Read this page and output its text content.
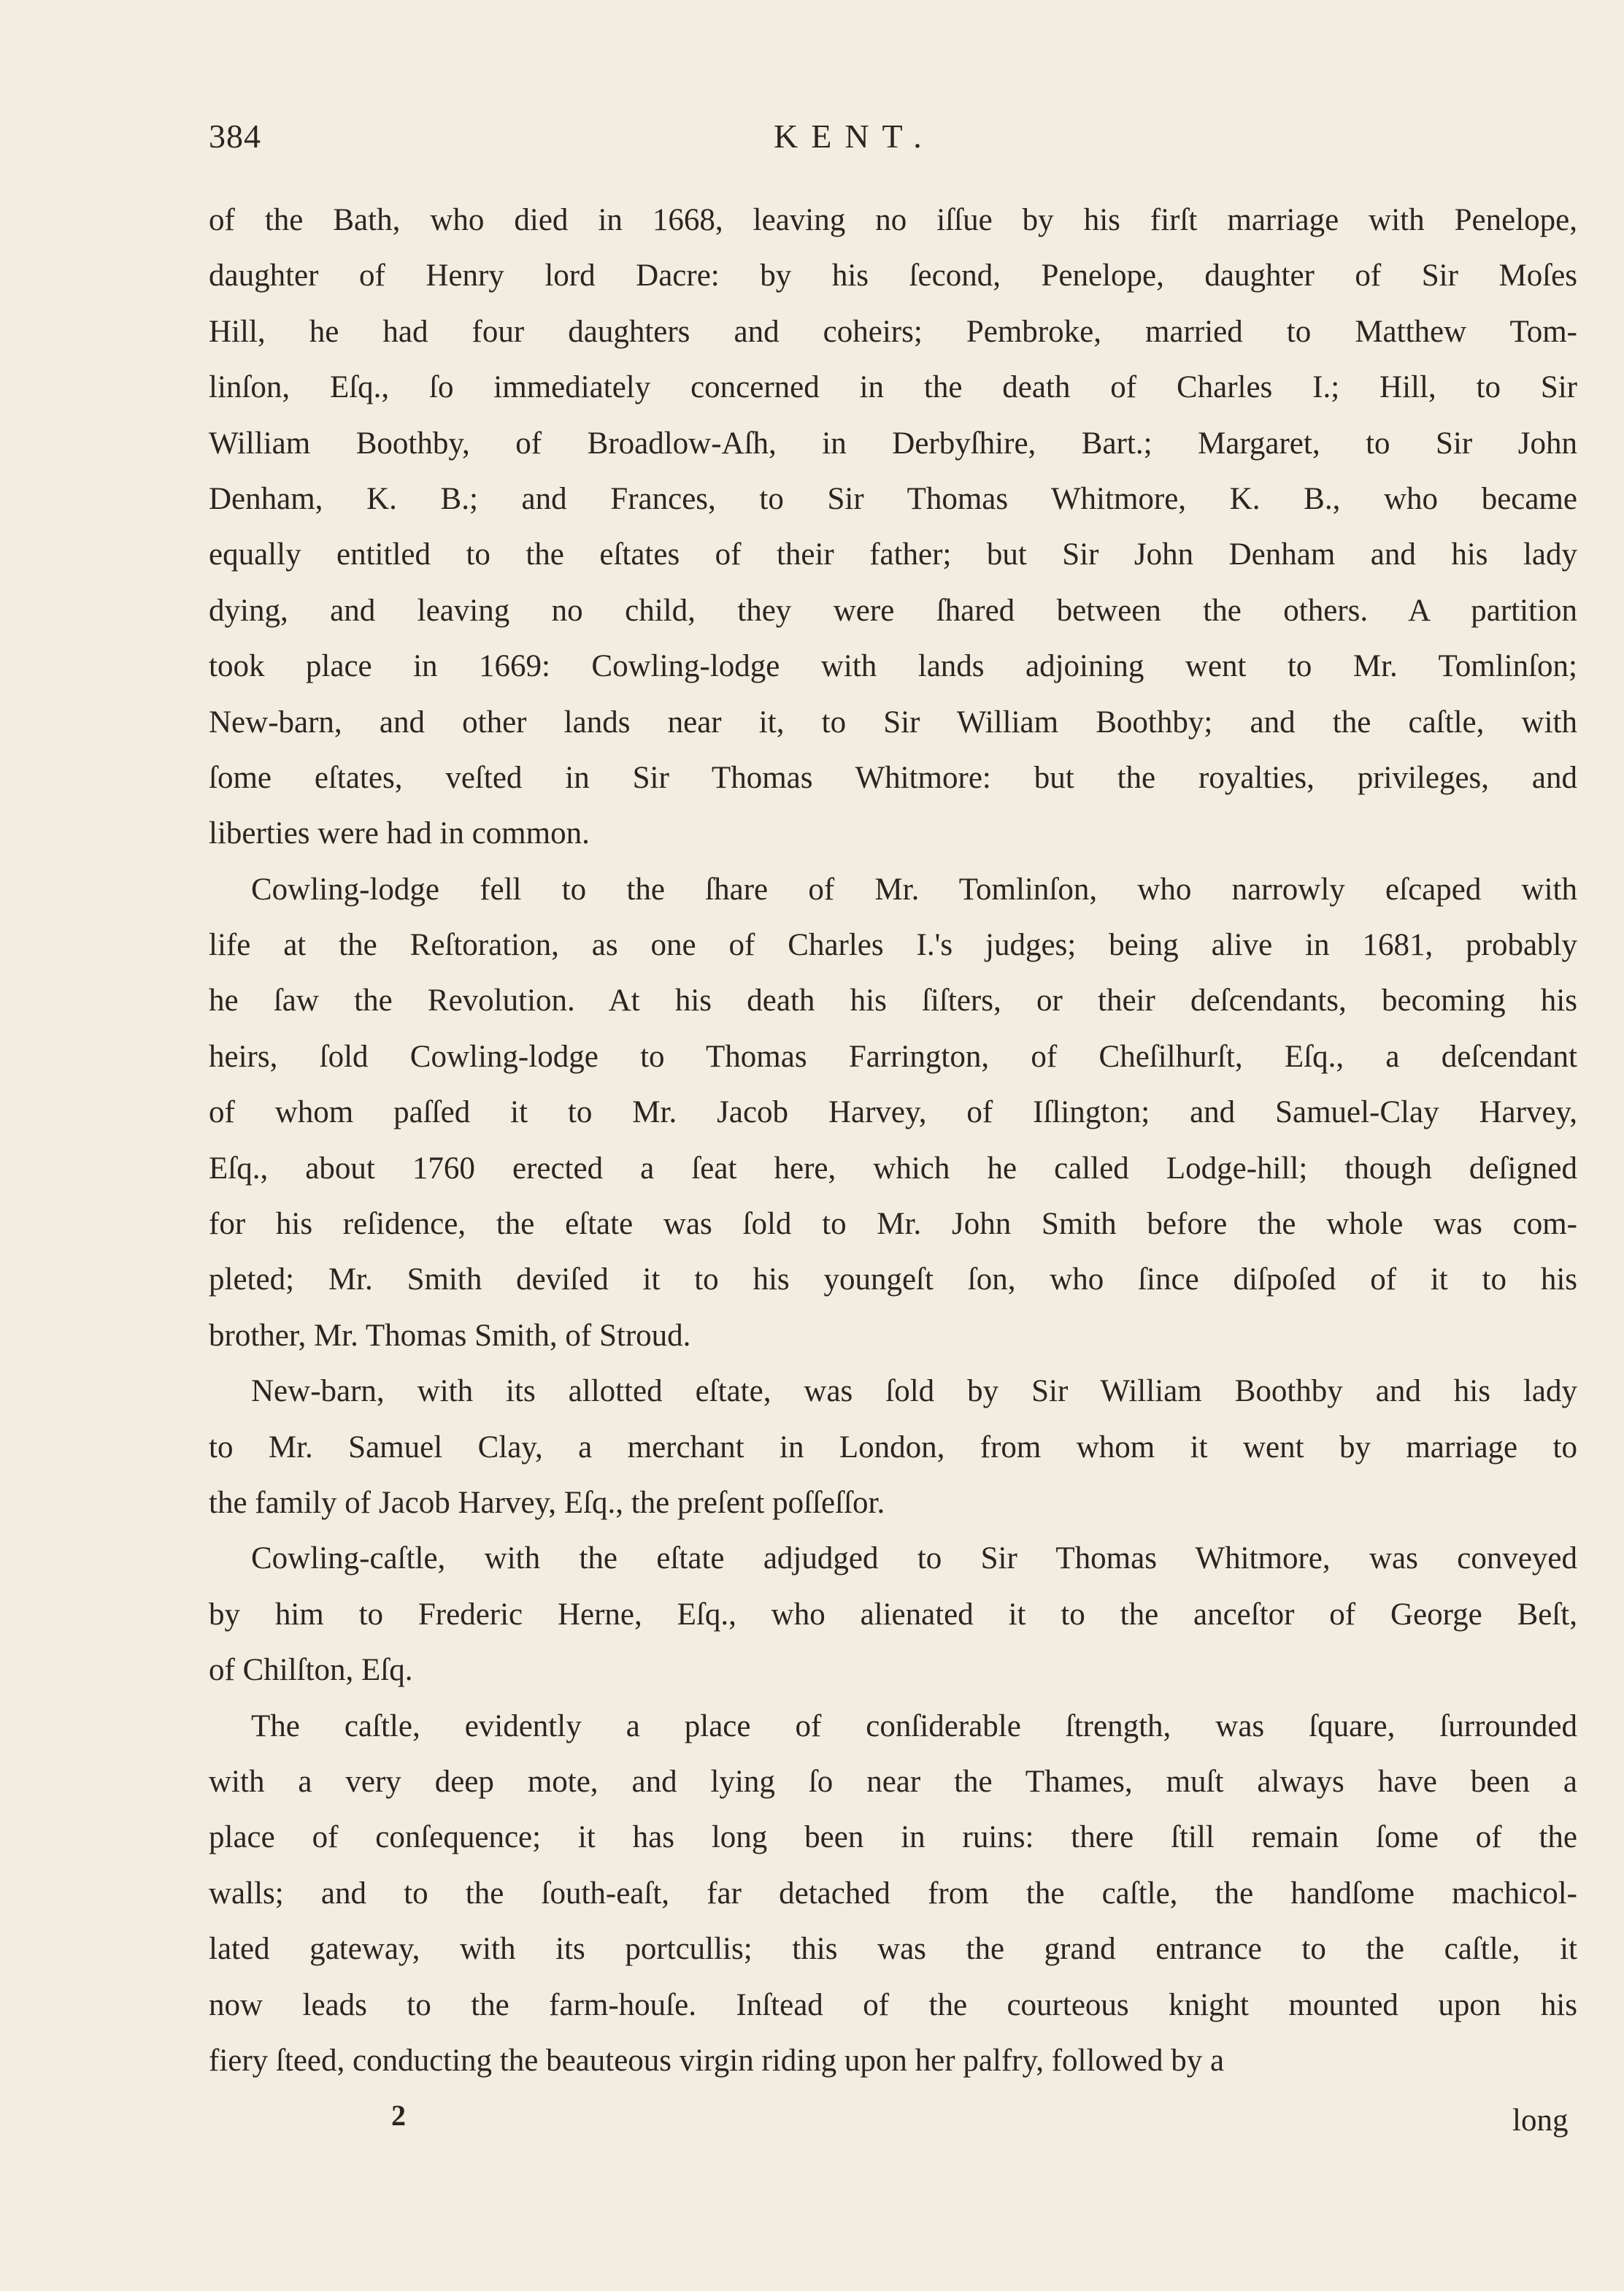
384	KENT.
of the Bath, who died in 1668, leaving no iſſue by his firſt marriage with Penelope,
daughter of Henry lord Dacre: by his ſecond, Penelope, daughter of Sir Moſes
Hill, he had four daughters and coheirs; Pembroke, married to Matthew Tom-
linſon, Eſq., ſo immediately concerned in the death of Charles I.; Hill, to Sir
William Boothby, of Broadlow-Aſh, in Derbyſhire, Bart.; Margaret, to Sir John
Denham, K. B.; and Frances, to Sir Thomas Whitmore, K. B., who became
equally entitled to the eſtates of their father; but Sir John Denham and his lady
dying, and leaving no child, they were ſhared between the others. A partition
took place in 1669: Cowling-lodge with lands adjoining went to Mr. Tomlinſon;
New-barn, and other lands near it, to Sir William Boothby; and the caſtle, with
ſome eſtates, veſted in Sir Thomas Whitmore: but the royalties, privileges, and
liberties were had in common.
Cowling-lodge fell to the ſhare of Mr. Tomlinſon, who narrowly eſcaped with
life at the Reſtoration, as one of Charles I.'s judges; being alive in 1681, probably
he ſaw the Revolution. At his death his ſiſters, or their deſcendants, becoming his
heirs, ſold Cowling-lodge to Thomas Farrington, of Cheſilhurſt, Eſq., a deſcendant
of whom paſſed it to Mr. Jacob Harvey, of Iſlington; and Samuel-Clay Harvey,
Eſq., about 1760 erected a ſeat here, which he called Lodge-hill; though deſigned
for his reſidence, the eſtate was ſold to Mr. John Smith before the whole was com-
pleted; Mr. Smith deviſed it to his youngeſt ſon, who ſince diſpoſed of it to his
brother, Mr. Thomas Smith, of Stroud.
New-barn, with its allotted eſtate, was ſold by Sir William Boothby and his lady
to Mr. Samuel Clay, a merchant in London, from whom it went by marriage to
the family of Jacob Harvey, Eſq., the preſent poſſeſſor.
Cowling-caſtle, with the eſtate adjudged to Sir Thomas Whitmore, was conveyed
by him to Frederic Herne, Eſq., who alienated it to the anceſtor of George Beſt,
of Chilſton, Eſq.
The caſtle, evidently a place of conſiderable ſtrength, was ſquare, ſurrounded
with a very deep mote, and lying ſo near the Thames, muſt always have been a
place of conſequence; it has long been in ruins: there ſtill remain ſome of the
walls; and to the ſouth-eaſt, far detached from the caſtle, the handſome machicol-
lated gateway, with its portcullis; this was the grand entrance to the caſtle, it
now leads to the farm-houſe. Inſtead of the courteous knight mounted upon his
fiery ſteed, conducting the beauteous virgin riding upon her palfry, followed by a
2	long
